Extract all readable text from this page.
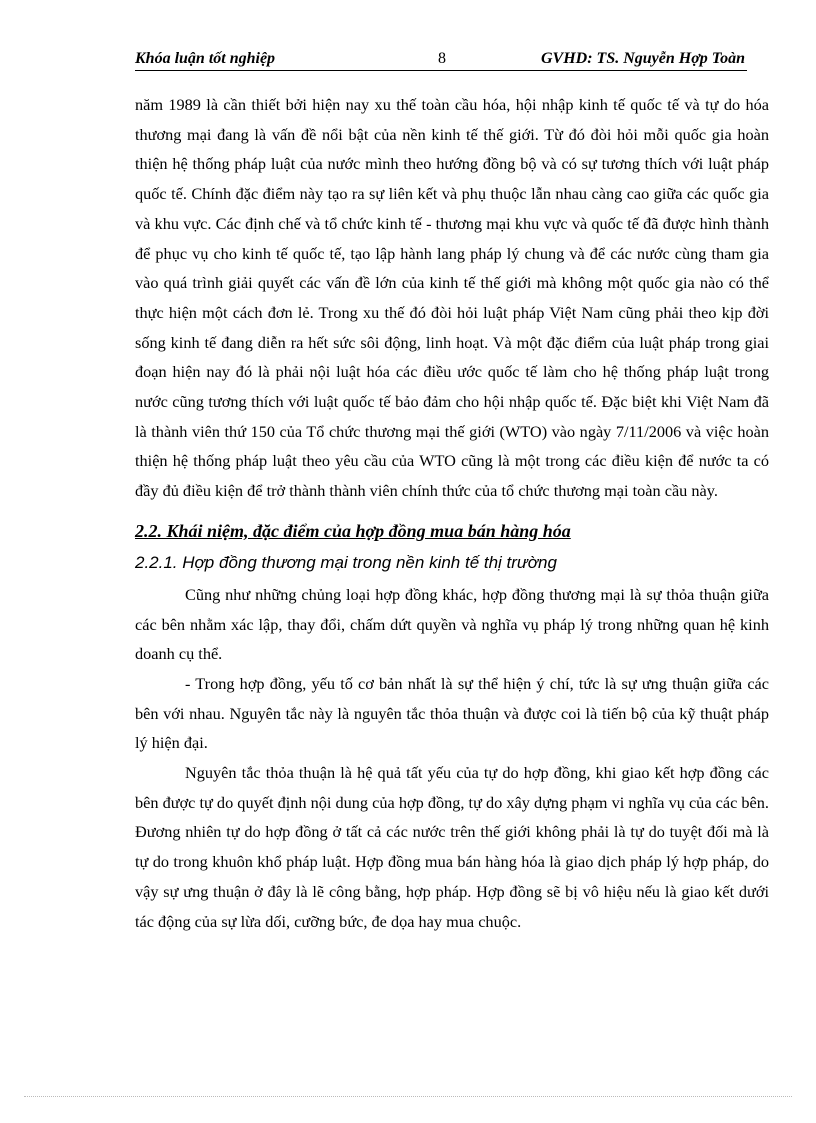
Khóa luận tốt nghiệp	8	GVHD: TS. Nguyễn Hợp Toàn

năm 1989 là cần thiết bởi hiện nay xu thế toàn cầu hóa, hội nhập kinh tế quốc tế và tự do hóa thương mại đang là vấn đề nổi bật của nền kinh tế thế giới. Từ đó đòi hỏi mỗi quốc gia hoàn thiện hệ thống pháp luật của nước mình theo hướng đồng bộ và có sự tương thích với luật pháp quốc tế. Chính đặc điểm này tạo ra sự liên kết và phụ thuộc lẫn nhau càng cao giữa các quốc gia và khu vực. Các định chế và tổ chức kinh tế - thương mại khu vực và quốc tế đã được hình thành để phục vụ cho kinh tế quốc tế, tạo lập hành lang pháp lý chung và để các nước cùng tham gia vào quá trình giải quyết các vấn đề lớn của kinh tế thế giới mà không một quốc gia nào có thể thực hiện một cách đơn lẻ. Trong xu thế đó đòi hỏi luật pháp Việt Nam cũng phải theo kịp đời sống kinh tế đang diễn ra hết sức sôi động, linh hoạt. Và một đặc điểm của luật pháp trong giai đoạn hiện nay đó là phải nội luật hóa các điều ước quốc tế làm cho hệ thống pháp luật trong nước cũng tương thích với luật quốc tế bảo đảm cho hội nhập quốc tế. Đặc biệt khi Việt Nam đã là thành viên thứ 150 của Tổ chức thương mại thế giới (WTO) vào ngày 7/11/2006 và việc hoàn thiện hệ thống pháp luật theo yêu cầu của WTO cũng là một trong các điều kiện để nước ta có đầy đủ điều kiện để trở thành thành viên chính thức của tổ chức thương mại toàn cầu này.

2.2. Khái niệm, đặc điểm của hợp đồng mua bán hàng hóa
2.2.1. Hợp đồng thương mại trong nền kinh tế thị trường

Cũng như những chủng loại hợp đồng khác, hợp đồng thương mại là sự thỏa thuận giữa các bên nhằm xác lập, thay đổi, chấm dứt quyền và nghĩa vụ pháp lý trong những quan hệ kinh doanh cụ thể.

- Trong hợp đồng, yếu tố cơ bản nhất là sự thể hiện ý chí, tức là sự ưng thuận giữa các bên với nhau. Nguyên tắc này là nguyên tắc thỏa thuận và được coi là tiến bộ của kỹ thuật pháp lý hiện đại.

Nguyên tắc thỏa thuận là hệ quả tất yếu của tự do hợp đồng, khi giao kết hợp đồng các bên được tự do quyết định nội dung của hợp đồng, tự do xây dựng phạm vi nghĩa vụ của các bên. Đương nhiên tự do hợp đồng ở tất cả các nước trên thế giới không phải là tự do tuyệt đối mà là tự do trong khuôn khổ pháp luật. Hợp đồng mua bán hàng hóa là giao dịch pháp lý hợp pháp, do vậy sự ưng thuận ở đây là lẽ công bằng, hợp pháp. Hợp đồng sẽ bị vô hiệu nếu là giao kết dưới tác động của sự lừa dối, cưỡng bức, đe dọa hay mua chuộc.
